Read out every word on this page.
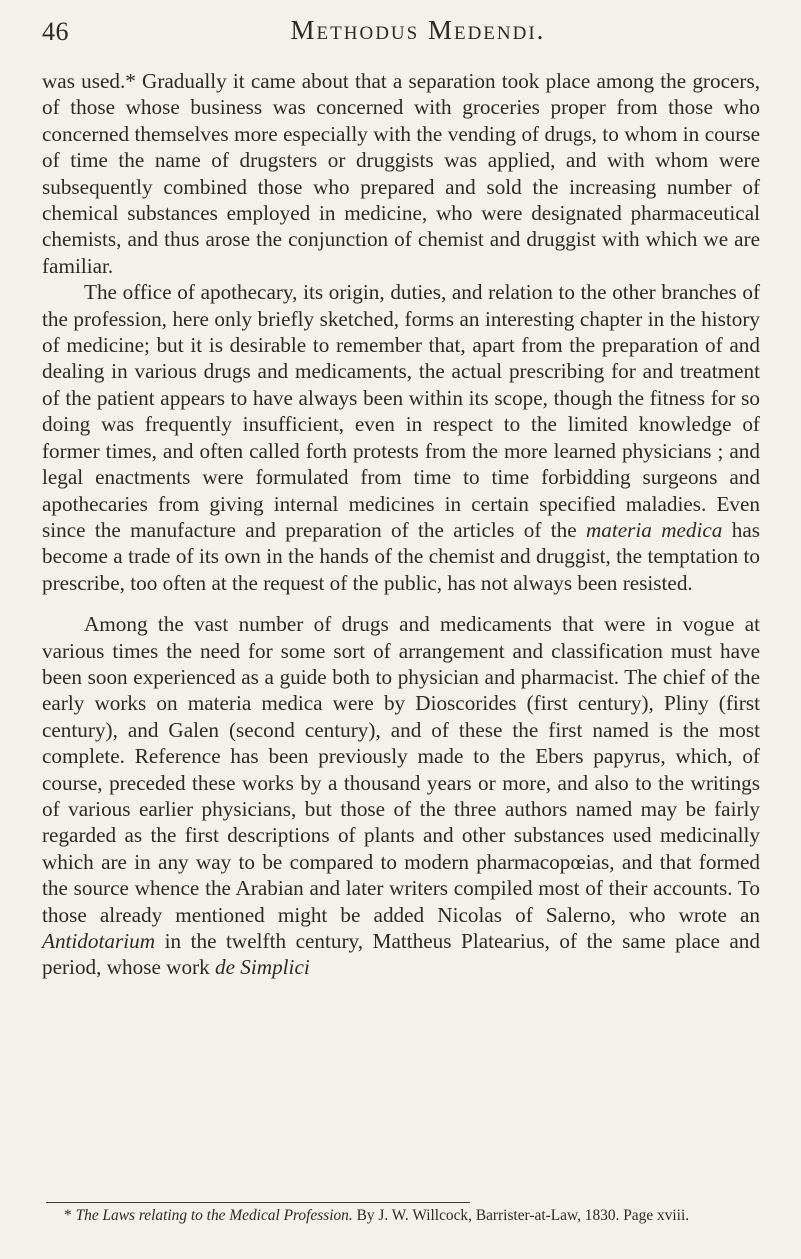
46	Methodus Medendi.

was used.* Gradually it came about that a separation took place among the grocers, of those whose business was concerned with groceries proper from those who concerned themselves more especially with the vending of drugs, to whom in course of time the name of drugsters or druggists was applied, and with whom were subsequently combined those who prepared and sold the increasing number of chemical substances employed in medicine, who were designated pharmaceutical chemists, and thus arose the conjunction of chemist and druggist with which we are familiar.

The office of apothecary, its origin, duties, and relation to the other branches of the profession, here only briefly sketched, forms an interesting chapter in the history of medicine; but it is desirable to remember that, apart from the preparation of and dealing in various drugs and medicaments, the actual prescribing for and treatment of the patient appears to have always been within its scope, though the fitness for so doing was frequently insufficient, even in respect to the limited knowledge of former times, and often called forth protests from the more learned physicians ; and legal enactments were formulated from time to time forbidding surgeons and apothecaries from giving internal medicines in certain specified maladies. Even since the manufacture and preparation of the articles of the materia medica has become a trade of its own in the hands of the chemist and druggist, the temptation to prescribe, too often at the request of the public, has not always been resisted.

Among the vast number of drugs and medicaments that were in vogue at various times the need for some sort of arrangement and classification must have been soon experienced as a guide both to physician and pharmacist. The chief of the early works on materia medica were by Dioscorides (first century), Pliny (first century), and Galen (second century), and of these the first named is the most complete. Reference has been previously made to the Ebers papyrus, which, of course, preceded these works by a thousand years or more, and also to the writings of various earlier physicians, but those of the three authors named may be fairly regarded as the first descriptions of plants and other substances used medicinally which are in any way to be compared to modern pharmacopœias, and that formed the source whence the Arabian and later writers compiled most of their accounts. To those already mentioned might be added Nicolas of Salerno, who wrote an Antidotarium in the twelfth century, Mattheus Platearius, of the same place and period, whose work de Simplici

* The Laws relating to the Medical Profession. By J. W. Willcock, Barrister-at-Law, 1830. Page xviii.
